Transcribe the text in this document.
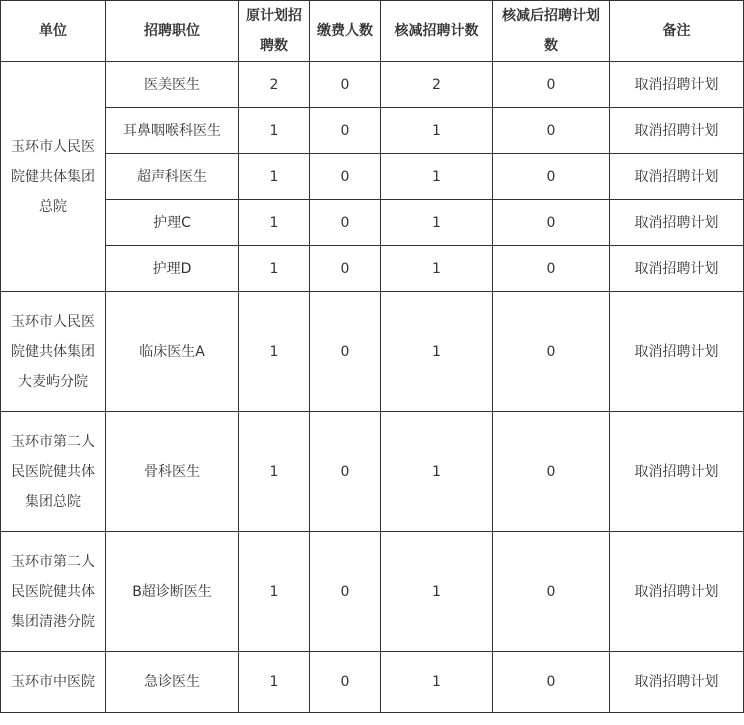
单位	招聘职位	原计划招聘数	缴费人数	核减招聘计数	核减后招聘计划数	备注
玉环市人民医院健共体集团总院	医美医生	2	0	2	0	取消招聘计划
	耳鼻咽喉科医生	1	0	1	0	取消招聘计划
	超声科医生	1	0	1	0	取消招聘计划
	护理C	1	0	1	0	取消招聘计划
	护理D	1	0	1	0	取消招聘计划
玉环市人民医院健共体集团大麦屿分院	临床医生A	1	0	1	0	取消招聘计划
玉环市第二人民医院健共体集团总院	骨科医生	1	0	1	0	取消招聘计划
玉环市第二人民医院健共体集团清港分院	B超诊断医生	1	0	1	0	取消招聘计划
玉环市中医院	急诊医生	1	0	1	0	取消招聘计划
